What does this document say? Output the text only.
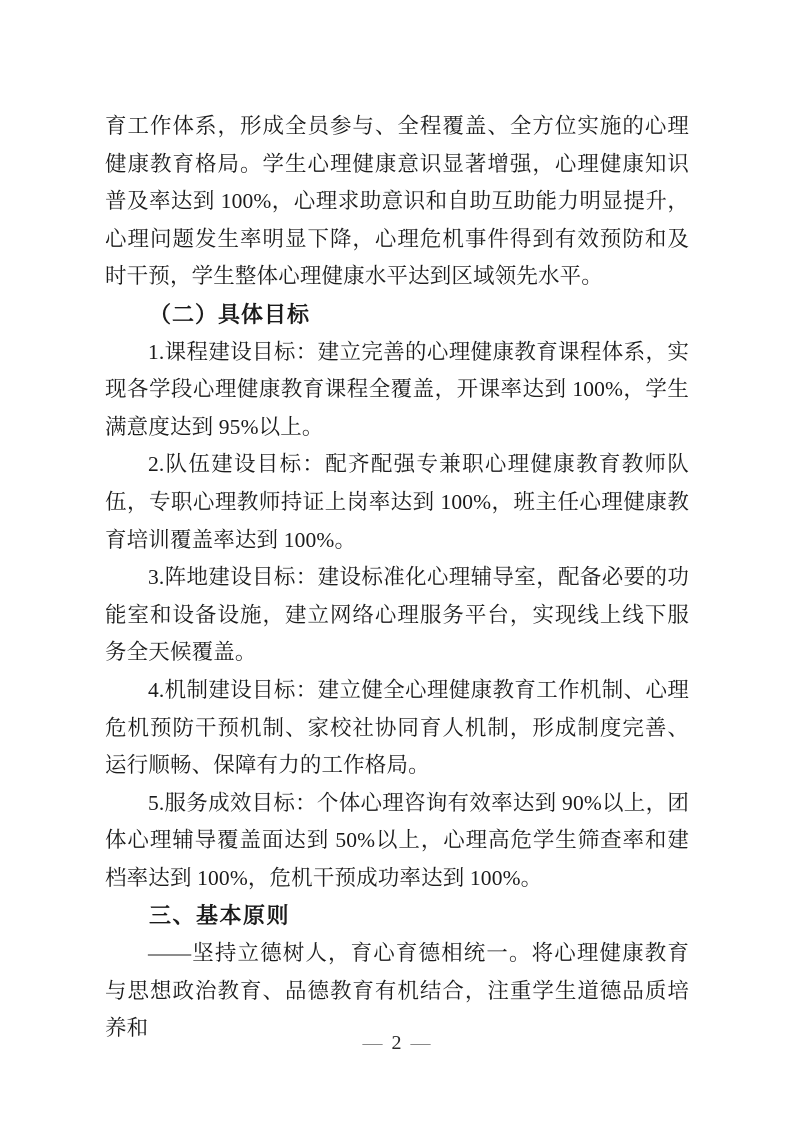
育工作体系，形成全员参与、全程覆盖、全方位实施的心理健康教育格局。学生心理健康意识显著增强，心理健康知识普及率达到 100%，心理求助意识和自助互助能力明显提升，心理问题发生率明显下降，心理危机事件得到有效预防和及时干预，学生整体心理健康水平达到区域领先水平。

（二）具体目标

1.课程建设目标：建立完善的心理健康教育课程体系，实现各学段心理健康教育课程全覆盖，开课率达到 100%，学生满意度达到 95%以上。

2.队伍建设目标：配齐配强专兼职心理健康教育教师队伍，专职心理教师持证上岗率达到 100%，班主任心理健康教育培训覆盖率达到 100%。

3.阵地建设目标：建设标准化心理辅导室，配备必要的功能室和设备设施，建立网络心理服务平台，实现线上线下服务全天候覆盖。

4.机制建设目标：建立健全心理健康教育工作机制、心理危机预防干预机制、家校社协同育人机制，形成制度完善、运行顺畅、保障有力的工作格局。

5.服务成效目标：个体心理咨询有效率达到 90%以上，团体心理辅导覆盖面达到 50%以上，心理高危学生筛查率和建档率达到 100%，危机干预成功率达到 100%。

三、基本原则

——坚持立德树人，育心育德相统一。将心理健康教育与思想政治教育、品德教育有机结合，注重学生道德品质培养和

— 2 —
